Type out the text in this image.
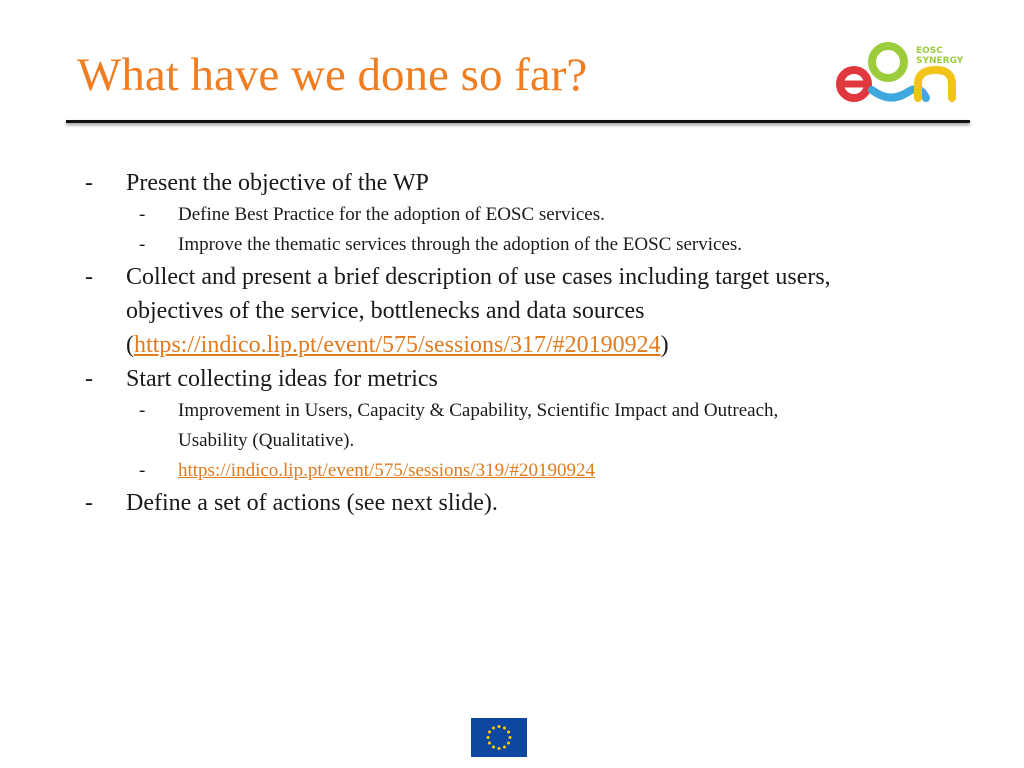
What have we done so far?	EOSC
SYNERGY
- Present the objective of the WP
- Define Best Practice for the adoption of EOSC services.
- Improve the thematic services through the adoption of the EOSC services.
- Collect and present a brief description of use cases including target users,
objectives of the service, bottlenecks and data sources
(https://indico.lip.pt/event/575/sessions/317/#20190924)
- Start collecting ideas for metrics
- Improvement in Users, Capacity & Capability, Scientific Impact and Outreach,
Usability (Qualitative).
- https://indico.lip.pt/event/575/sessions/319/#20190924
- Define a set of actions (see next slide).
